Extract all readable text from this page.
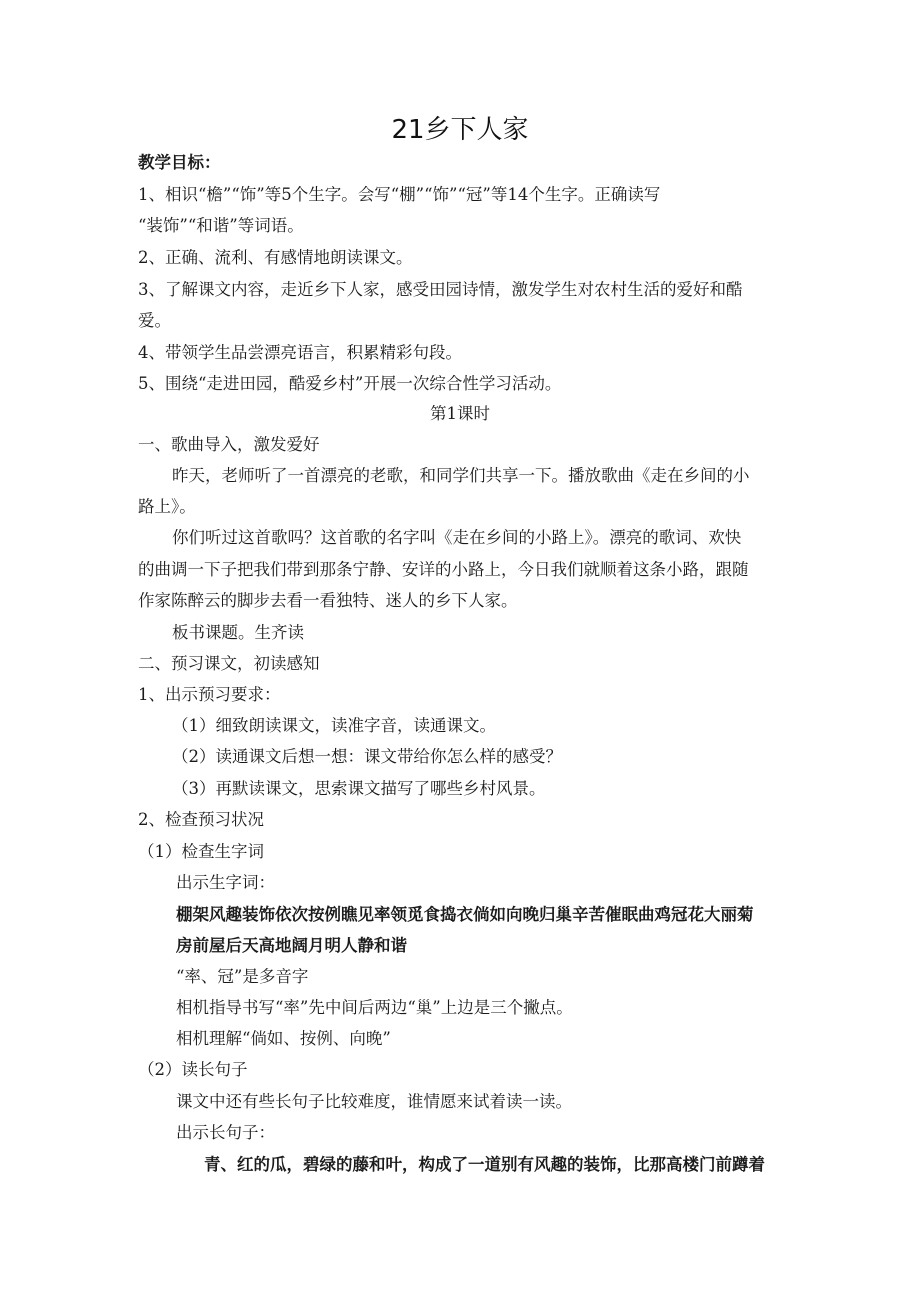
21乡下人家
教学目标：
1、相识“檐”“饰”等5个生字。会写“棚”“饰”“冠”等14个生字。正确读写
“装饰”“和谐”等词语。
2、正确、流利、有感情地朗读课文。
3、了解课文内容，走近乡下人家，感受田园诗情，激发学生对农村生活的爱好和酷
爱。
4、带领学生品尝漂亮语言，积累精彩句段。
5、围绕“走进田园，酷爱乡村”开展一次综合性学习活动。
第1课时
一、歌曲导入，激发爱好
昨天，老师听了一首漂亮的老歌，和同学们共享一下。播放歌曲《走在乡间的小
路上》。
你们听过这首歌吗？这首歌的名字叫《走在乡间的小路上》。漂亮的歌词、欢快
的曲调一下子把我们带到那条宁静、安详的小路上，今日我们就顺着这条小路，跟随
作家陈醉云的脚步去看一看独特、迷人的乡下人家。
板书课题。生齐读
二、预习课文，初读感知
1、出示预习要求：
（1）细致朗读课文，读准字音，读通课文。
（2）读通课文后想一想：课文带给你怎么样的感受？
（3）再默读课文，思索课文描写了哪些乡村风景。
2、检查预习状况
（1）检查生字词
出示生字词：
棚架风趣装饰依次按例瞧见率领觅食捣衣倘如向晚归巢辛苦催眠曲鸡冠花大丽菊
房前屋后天高地阔月明人静和谐
“率、冠”是多音字
相机指导书写“率”先中间后两边“巢”上边是三个撇点。
相机理解“倘如、按例、向晚”
（2）读长句子
课文中还有些长句子比较难度，谁情愿来试着读一读。
出示长句子：
青、红的瓜，碧绿的藤和叶，构成了一道别有风趣的装饰，比那高楼门前蹲着
